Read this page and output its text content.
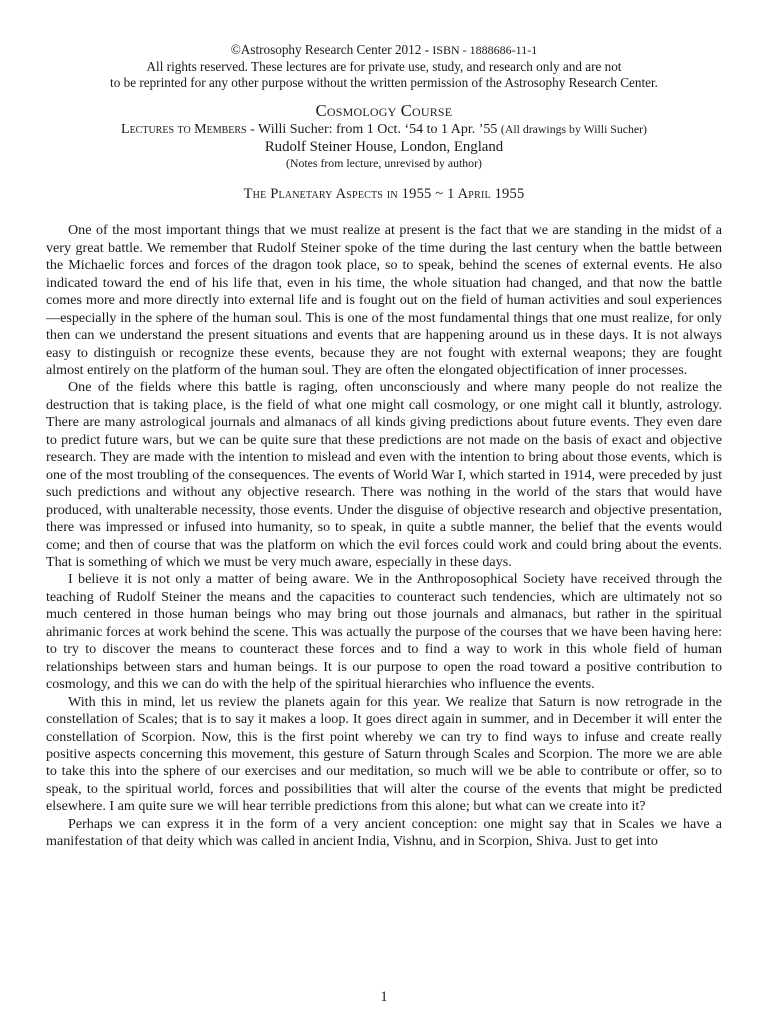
©Astrosophy Research Center 2012 - ISBN - 1888686-11-1
All rights reserved. These lectures are for private use, study, and research only and are not
to be reprinted for any other purpose without the written permission of the Astrosophy Research Center.
Cosmology Course
Lectures to Members - Willi Sucher: from 1 Oct. ‘54 to 1 Apr. ’55 (All drawings by Willi Sucher)
Rudolf Steiner House, London, England
(Notes from lecture, unrevised by author)
The Planetary Aspects in 1955 ~ 1 April 1955

One of the most important things that we must realize at present is the fact that we are standing in the midst of a very great battle. We remember that Rudolf Steiner spoke of the time during the last century when the battle between the Michaelic forces and forces of the dragon took place, so to speak, behind the scenes of external events. He also indicated toward the end of his life that, even in his time, the whole situation had changed, and that now the battle comes more and more directly into external life and is fought out on the field of human activities and soul experiences—especially in the sphere of the human soul. This is one of the most fundamental things that one must realize, for only then can we understand the present situations and events that are happening around us in these days. It is not always easy to distinguish or recognize these events, because they are not fought with external weapons; they are fought almost entirely on the platform of the human soul. They are often the elongated objectification of inner processes.

One of the fields where this battle is raging, often unconsciously and where many people do not realize the destruction that is taking place, is the field of what one might call cosmology, or one might call it bluntly, astrology. There are many astrological journals and almanacs of all kinds giving predictions about future events. They even dare to predict future wars, but we can be quite sure that these predictions are not made on the basis of exact and objective research. They are made with the intention to mislead and even with the intention to bring about those events, which is one of the most troubling of the consequences. The events of World War I, which started in 1914, were preceded by just such predictions and without any objective research. There was nothing in the world of the stars that would have produced, with unalterable necessity, those events. Under the disguise of objective research and objective presentation, there was impressed or infused into humanity, so to speak, in quite a subtle manner, the belief that the events would come; and then of course that was the platform on which the evil forces could work and could bring about the events. That is something of which we must be very much aware, especially in these days.

I believe it is not only a matter of being aware. We in the Anthroposophical Society have received through the teaching of Rudolf Steiner the means and the capacities to counteract such tendencies, which are ultimately not so much centered in those human beings who may bring out those journals and almanacs, but rather in the spiritual ahrimanic forces at work behind the scene. This was actually the purpose of the courses that we have been having here: to try to discover the means to counteract these forces and to find a way to work in this whole field of human relationships between stars and human beings. It is our purpose to open the road toward a positive contribution to cosmology, and this we can do with the help of the spiritual hierarchies who influence the events.

With this in mind, let us review the planets again for this year. We realize that Saturn is now retrograde in the constellation of Scales; that is to say it makes a loop. It goes direct again in summer, and in December it will enter the constellation of Scorpion. Now, this is the first point whereby we can try to find ways to infuse and create really positive aspects concerning this movement, this gesture of Saturn through Scales and Scorpion. The more we are able to take this into the sphere of our exercises and our meditation, so much will we be able to contribute or offer, so to speak, to the spiritual world, forces and possibilities that will alter the course of the events that might be predicted elsewhere. I am quite sure we will hear terrible predictions from this alone; but what can we create into it?

Perhaps we can express it in the form of a very ancient conception: one might say that in Scales we have a manifestation of that deity which was called in ancient India, Vishnu, and in Scorpion, Shiva. Just to get into

1
